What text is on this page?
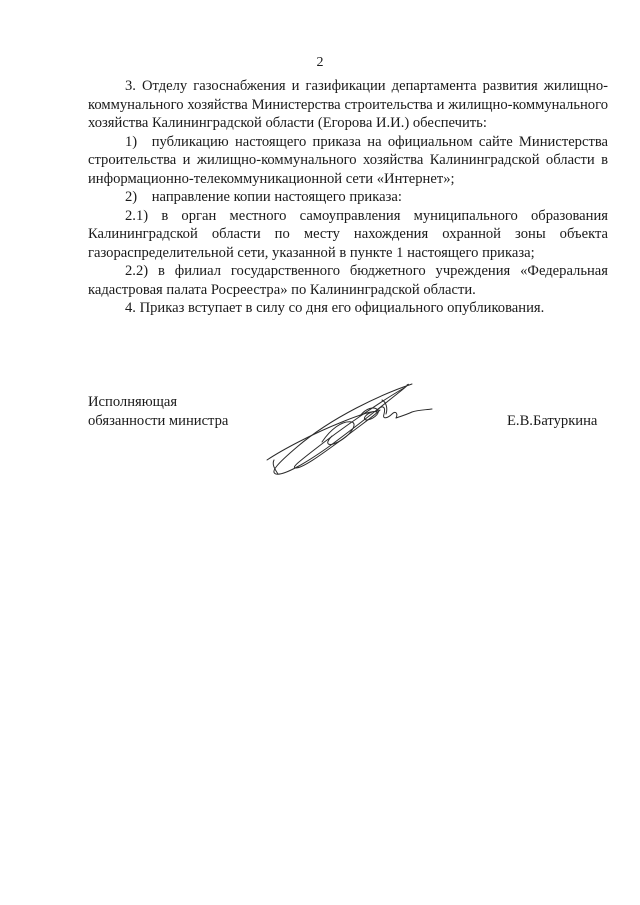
2

3. Отделу газоснабжения и газификации департамента развития жилищно-коммунального хозяйства Министерства строительства и жилищно-коммунального хозяйства Калининградской области (Егорова И.И.) обеспечить:

1) публикацию настоящего приказа на официальном сайте Министерства строительства и жилищно-коммунального хозяйства Калининградской области в информационно-телекоммуникационной сети «Интернет»;

2) направление копии настоящего приказа:

2.1) в орган местного самоуправления муниципального образования Калининградской области по месту нахождения охранной зоны объекта газораспределительной сети, указанной в пункте 1 настоящего приказа;

2.2) в филиал государственного бюджетного учреждения «Федеральная кадастровая палата Росреестра» по Калининградской области.

4. Приказ вступает в силу со дня его официального опубликования.

Исполняющая
обязанности министра	Е.В.Батуркина
